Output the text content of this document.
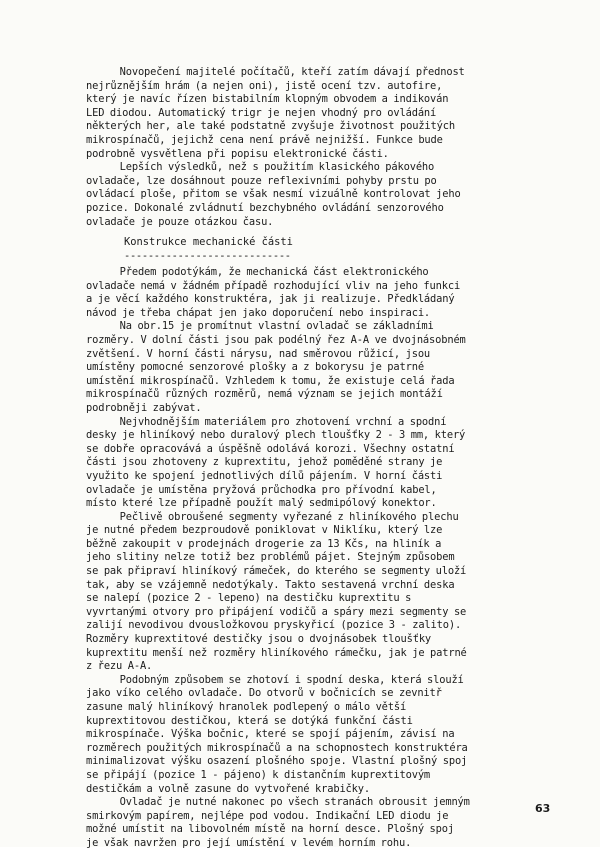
Novopečení majitelé počítačů, kteří zatím dávají přednost
nejrůznějším hrám (a nejen oni), jistě ocení tzv. autofire,
který je navíc řízen bistabilním klopným obvodem a indikován
LED diodou. Automatický trigr je nejen vhodný pro ovládání
některých her, ale také podstatně zvyšuje životnost použitých
mikrospínačů, jejichž cena není právě nejnižší. Funkce bude
podrobně vysvětlena při popisu elektronické části.

Lepších výsledků, než s použitím klasického pákového
ovladače, lze dosáhnout pouze reflexivními pohyby prstu po
ovládací ploše, přitom se však nesmí vizuálně kontrolovat jeho
pozice. Dokonalé zvládnutí bezchybného ovládání senzorového
ovladače je pouze otázkou času.

Konstrukce mechanické části
----------------------------

Předem podotýkám, že mechanická část elektronického
ovladače nemá v žádném případě rozhodující vliv na jeho funkci
a je věcí každého konstruktéra, jak ji realizuje. Předkládaný
návod je třeba chápat jen jako doporučení nebo inspiraci.

Na obr.15 je promítnut vlastní ovladač se základními
rozměry. V dolní části jsou pak podélný řez A-A ve dvojnásobném
zvětšení. V horní části nárysu, nad směrovou růžicí, jsou
umístěny pomocné senzorové plošky a z bokorysu je patrné
umístění mikrospínačů. Vzhledem k tomu, že existuje celá řada
mikrospínačů různých rozměrů, nemá význam se jejich montáží
podrobněji zabývat.

Nejvhodnějším materiálem pro zhotovení vrchní a spodní
desky je hliníkový nebo duralový plech tloušťky 2 - 3 mm, který
se dobře opracovává a úspěšně odolává korozi. Všechny ostatní
části jsou zhotoveny z kuprextitu, jehož poměděné strany je
využito ke spojení jednotlivých dílů pájením. V horní části
ovladače je umístěna pryžová průchodka pro přívodní kabel,
místo které lze případně použít malý sedmipólový konektor.

Pečlivě obroušené segmenty vyřezané z hliníkového plechu
je nutné předem bezproudově poniklovat v Niklíku, který lze
běžně zakoupit v prodejnách drogerie za 13 Kčs, na hliník a
jeho slitiny nelze totiž bez problémů pájet. Stejným způsobem
se pak připraví hliníkový rámeček, do kterého se segmenty uloží
tak, aby se vzájemně nedotýkaly. Takto sestavená vrchní deska
se nalepí (pozice 2 - lepeno) na destičku kuprextitu s
vyvrtanými otvory pro připájení vodičů a spáry mezi segmenty se
zalijí nevodivou dvousložkovou pryskyřicí (pozice 3 - zalito).
Rozměry kuprextitové destičky jsou o dvojnásobek tloušťky
kuprextitu menší než rozměry hliníkového rámečku, jak je patrné
z řezu A-A.

Podobným způsobem se zhotoví i spodní deska, která slouží
jako víko celého ovladače. Do otvorů v bočnicích se zevnitř
zasune malý hliníkový hranolek podlepený o málo větší
kuprextitovou destičkou, která se dotýká funkční části
mikrospínače. Výška bočnic, které se spojí pájením, závisí na
rozměrech použitých mikrospínačů a na schopnostech konstruktéra
minimalizovat výšku osazení plošného spoje. Vlastní plošný spoj
se připájí (pozice 1 - pájeno) k distančním kuprextitovým
destičkám a volně zasune do vytvořené krabičky.

Ovladač je nutné nakonec po všech stranách obrousit jemným
smirkovým papírem, nejlépe pod vodou. Indikační LED diodu je
možné umístit na libovolném místě na horní desce. Plošný spoj
je však navržen pro její umístění v levém horním rohu.

63
